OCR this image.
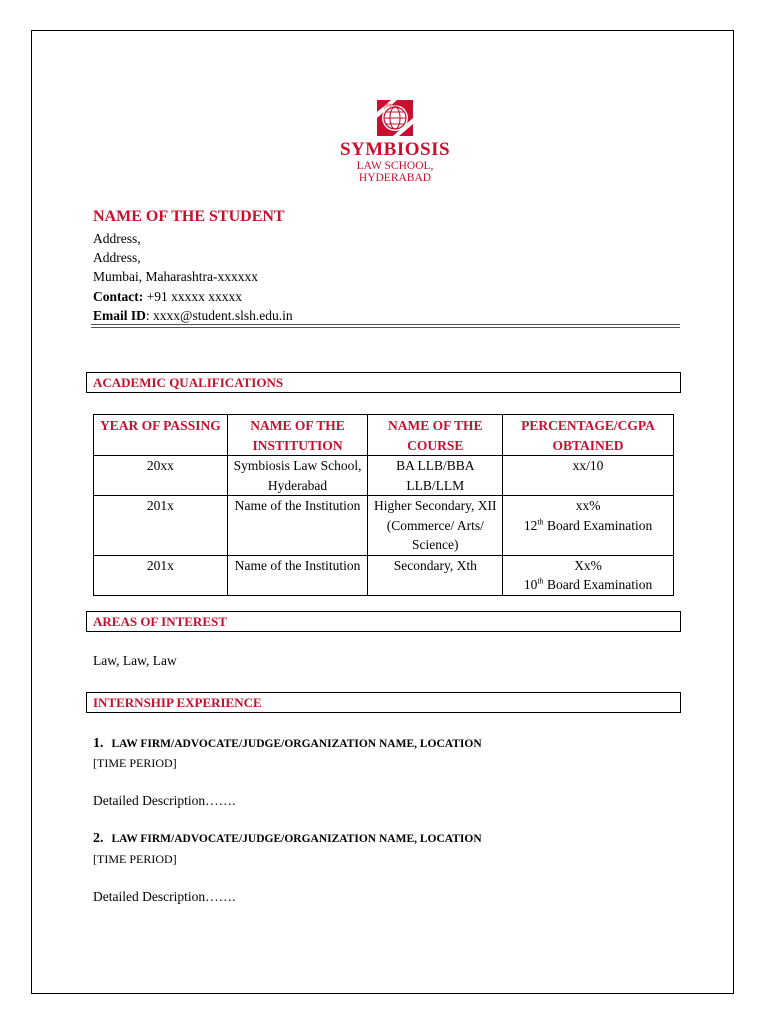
वसुधैव कुटुम्बकम्
SYMBIOSIS
LAW SCHOOL, HYDERABAD
NAME OF THE STUDENT
Address,
Address,
Mumbai, Maharashtra-xxxxxx
Contact: +91 xxxxx xxxxx
Email ID: xxxx@student.slsh.edu.in
ACADEMIC QUALIFICATIONS
YEAR OF PASSING	NAME OF THE INSTITUTION	NAME OF THE COURSE	PERCENTAGE/CGPA OBTAINED
20xx	Symbiosis Law School, Hyderabad	BA LLB/BBA LLB/LLM	xx/10
201x	Name of the Institution	Higher Secondary, XII (Commerce/ Arts/ Science)	xx%
12th Board Examination

201x	Name of the Institution	Secondary, Xth	Xx%
10th Board Examination
AREAS OF INTEREST
Law, Law, Law
INTERNSHIP EXPERIENCE
1. LAW FIRM/ADVOCATE/JUDGE/ORGANIZATION NAME, LOCATION
[TIME PERIOD]
Detailed Description…….
2. LAW FIRM/ADVOCATE/JUDGE/ORGANIZATION NAME, LOCATION
[TIME PERIOD]
Detailed Description…….
